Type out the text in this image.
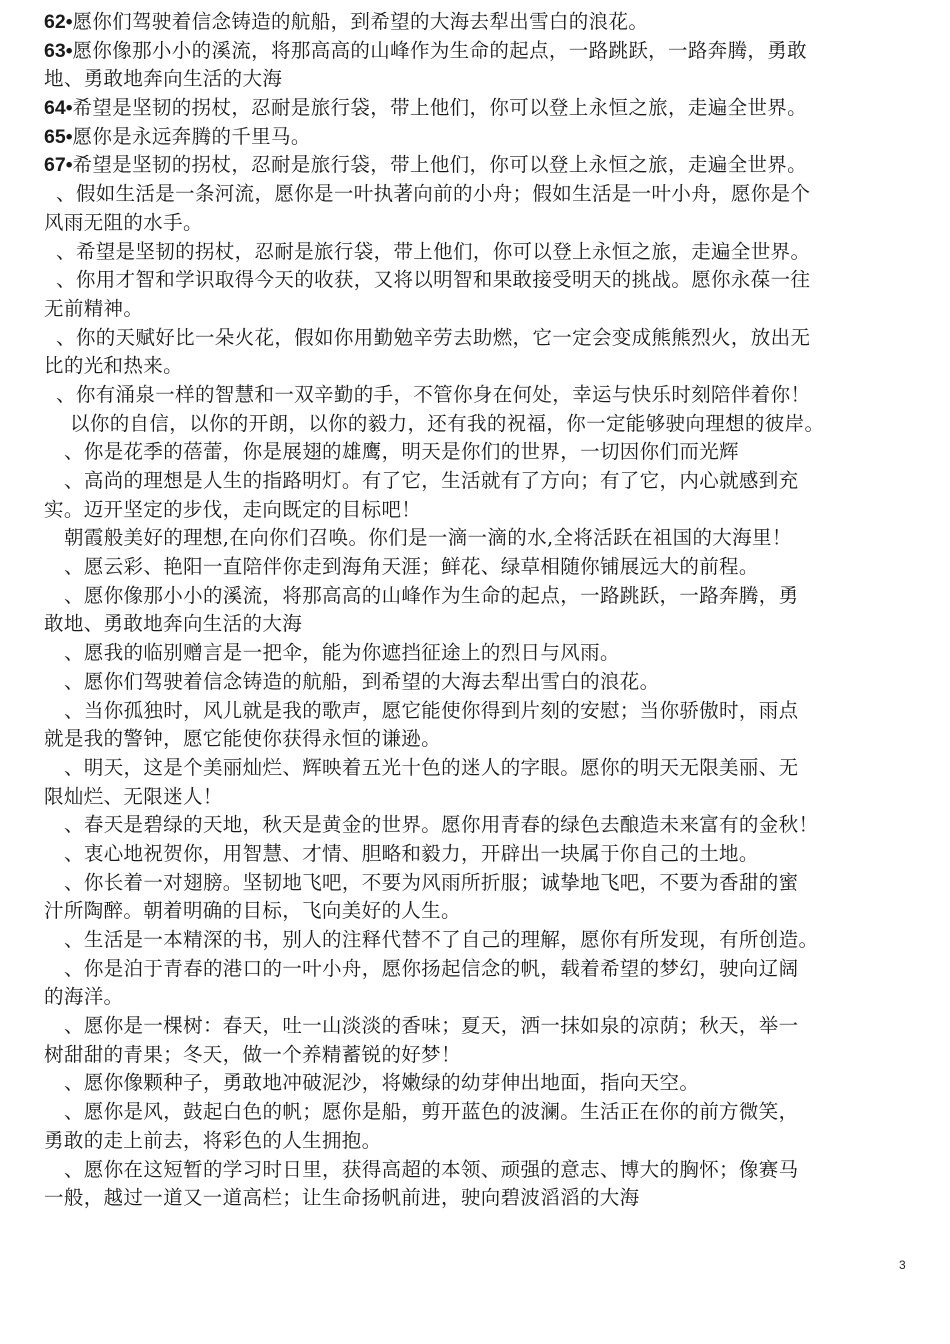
62•愿你们驾驶着信念铸造的航船，到希望的大海去犁出雪白的浪花。
63•愿你像那小小的溪流，将那高高的山峰作为生命的起点，一路跳跃，一路奔腾，勇敢
地、勇敢地奔向生活的大海
64•希望是坚韧的拐杖，忍耐是旅行袋，带上他们，你可以登上永恒之旅，走遍全世界。
65•愿你是永远奔腾的千里马。
67•希望是坚韧的拐杖，忍耐是旅行袋，带上他们，你可以登上永恒之旅，走遍全世界。
、假如生活是一条河流，愿你是一叶执著向前的小舟；假如生活是一叶小舟，愿你是个
风雨无阻的水手。
、希望是坚韧的拐杖，忍耐是旅行袋，带上他们，你可以登上永恒之旅，走遍全世界。
、你用才智和学识取得今天的收获，又将以明智和果敢接受明天的挑战。愿你永葆一往
无前精神。
、你的天赋好比一朵火花，假如你用勤勉辛劳去助燃，它一定会变成熊熊烈火，放出无
比的光和热来。
、你有涌泉一样的智慧和一双辛勤的手，不管你身在何处，幸运与快乐时刻陪伴着你！
以你的自信，以你的开朗，以你的毅力，还有我的祝福，你一定能够驶向理想的彼岸。
、你是花季的蓓蕾，你是展翅的雄鹰，明天是你们的世界，一切因你们而光辉
、高尚的理想是人生的指路明灯。有了它，生活就有了方向；有了它，内心就感到充
实。迈开坚定的步伐，走向既定的目标吧！
朝霞般美好的理想,在向你们召唤。你们是一滴一滴的水,全将活跃在祖国的大海里！
、愿云彩、艳阳一直陪伴你走到海角天涯；鲜花、绿草相随你铺展远大的前程。
、愿你像那小小的溪流，将那高高的山峰作为生命的起点，一路跳跃，一路奔腾，勇
敢地、勇敢地奔向生活的大海
、愿我的临别赠言是一把伞，能为你遮挡征途上的烈日与风雨。
、愿你们驾驶着信念铸造的航船，到希望的大海去犁出雪白的浪花。
、当你孤独时，风儿就是我的歌声，愿它能使你得到片刻的安慰；当你骄傲时，雨点
就是我的警钟，愿它能使你获得永恒的谦逊。
、明天，这是个美丽灿烂、辉映着五光十色的迷人的字眼。愿你的明天无限美丽、无
限灿烂、无限迷人！
、春天是碧绿的天地，秋天是黄金的世界。愿你用青春的绿色去酿造未来富有的金秋！
、衷心地祝贺你，用智慧、才情、胆略和毅力，开辟出一块属于你自己的土地。
、你长着一对翅膀。坚韧地飞吧，不要为风雨所折服；诚挚地飞吧，不要为香甜的蜜
汁所陶醉。朝着明确的目标，飞向美好的人生。
、生活是一本精深的书，别人的注释代替不了自己的理解，愿你有所发现，有所创造。
、你是泊于青春的港口的一叶小舟，愿你扬起信念的帆，载着希望的梦幻，驶向辽阔
的海洋。
、愿你是一棵树：春天，吐一山淡淡的香味；夏天，洒一抹如泉的凉荫；秋天，举一
树甜甜的青果；冬天，做一个养精蓄锐的好梦！
、愿你像颗种子，勇敢地冲破泥沙，将嫩绿的幼芽伸出地面，指向天空。
、愿你是风，鼓起白色的帆；愿你是船，剪开蓝色的波澜。生活正在你的前方微笑，
勇敢的走上前去，将彩色的人生拥抱。
、愿你在这短暂的学习时日里，获得高超的本领、顽强的意志、博大的胸怀；像赛马
一般，越过一道又一道高栏；让生命扬帆前进，驶向碧波滔滔的大海
3
